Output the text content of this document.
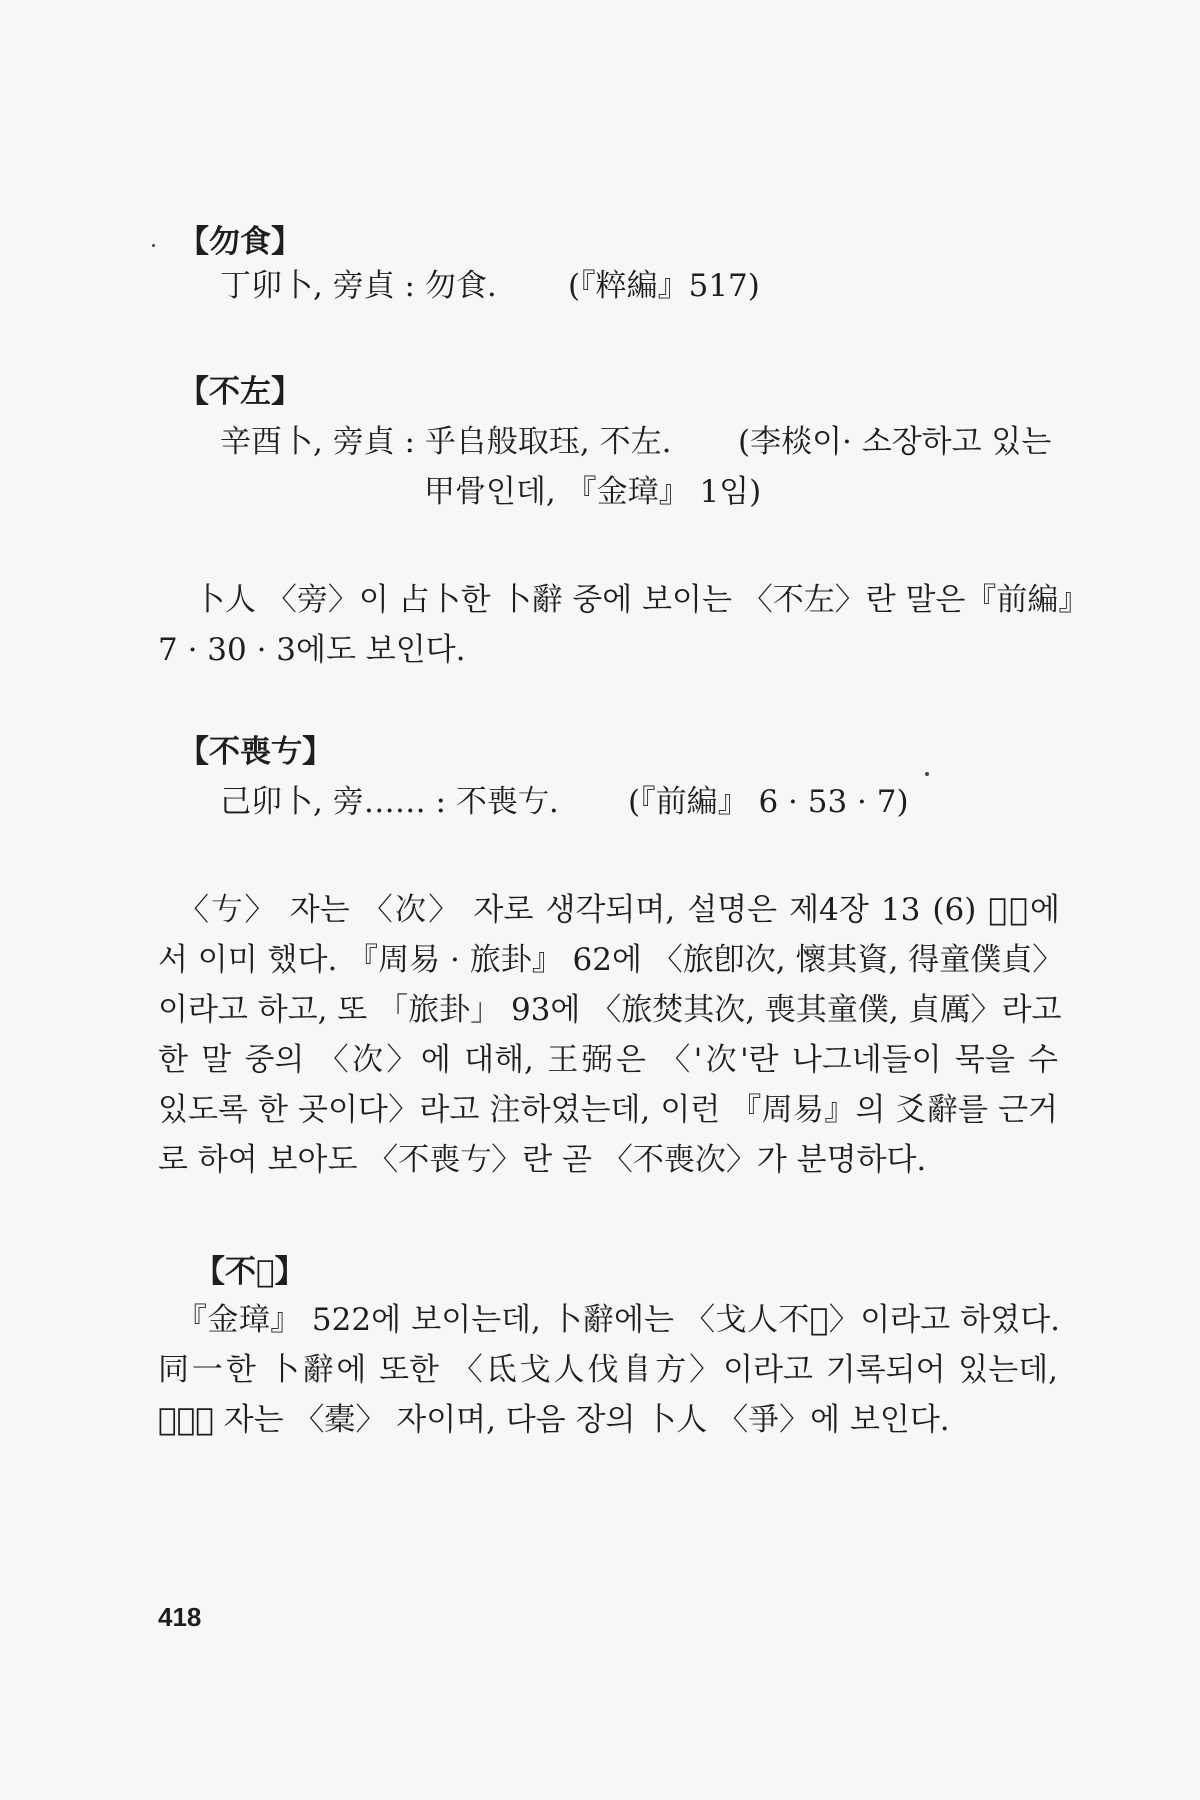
【勿食】
丁卯卜, 旁貞 : 勿食. (『粹編』517)
【不左】
辛酉卜, 旁貞 : 乎𠂤般取珏, 不左. (李棪이· 소장하고 있는
甲骨인데, 『金璋』 1임)
卜人 〈旁〉이 占卜한 卜辭 중에 보이는 〈不左〉란 말은『前編』
7 · 30 · 3에도 보인다.
【不喪𠀁】
己卯卜, 旁…… : 不喪𠀁. (『前編』 6 · 53 · 7)
〈𠀁〉 자는 〈次〉 자로 생각되며, 설명은 제4장 13 (6) 𠃒方에
서 이미 했다. 『周易 · 旅卦』 62에 〈旅卽次, 懷其資, 得童僕貞〉
이라고 하고, 또 「旅卦」 93에 〈旅焚其次, 喪其童僕, 貞厲〉라고
한 말 중의 〈次〉에 대해, 王弼은 〈'次'란 나그네들이 묵을 수
있도록 한 곳이다〉라고 注하였는데, 이런 『周易』의 爻辭를 근거
로 하여 보아도 〈不喪𠀁〉란 곧 〈不喪次〉가 분명하다.
【不𠀄】
『金璋』 522에 보이는데, 卜辭에는 〈戈人不𠀄〉이라고 하였다.
同一한 卜辭에 또한 〈氐戈人伐𨸏方〉이라고 기록되어 있는데,
〈𠀄〉 자는 〈橐〉 자이며, 다음 장의 卜人 〈爭〉에 보인다.
418
